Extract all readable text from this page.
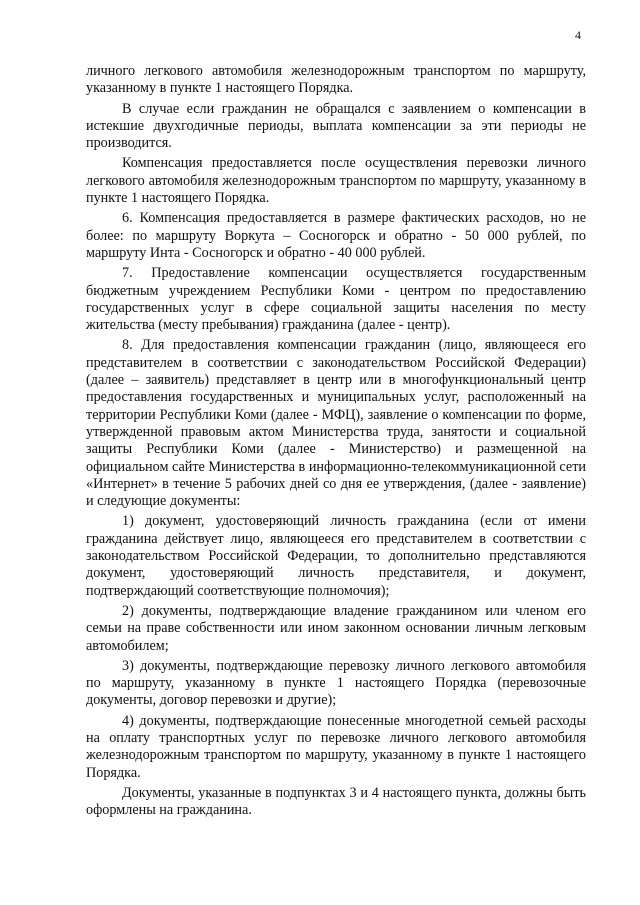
4

личного легкового автомобиля железнодорожным транспортом по маршруту, указанному в пункте 1 настоящего Порядка.

В случае если гражданин не обращался с заявлением о компенсации в истекшие двухгодичные периоды, выплата компенсации за эти периоды не производится.

Компенсация предоставляется после осуществления перевозки личного легкового автомобиля железнодорожным транспортом по маршруту, указанному в пункте 1 настоящего Порядка.

6. Компенсация предоставляется в размере фактических расходов, но не более: по маршруту Воркута – Сосногорск и обратно - 50 000 рублей, по маршруту Инта - Сосногорск и обратно - 40 000 рублей.

7. Предоставление компенсации осуществляется государственным бюджетным учреждением Республики Коми - центром по предоставлению государственных услуг в сфере социальной защиты населения по месту жительства (месту пребывания) гражданина (далее - центр).

8. Для предоставления компенсации гражданин (лицо, являющееся его представителем в соответствии с законодательством Российской Федерации) (далее – заявитель) представляет в центр или в многофункциональный центр предоставления государственных и муниципальных услуг, расположенный на территории Республики Коми (далее - МФЦ), заявление о компенсации по форме, утвержденной правовым актом Министерства труда, занятости и социальной защиты Республики Коми (далее - Министерство) и размещенной на официальном сайте Министерства в информационно-телекоммуникационной сети «Интернет» в течение 5 рабочих дней со дня ее утверждения, (далее - заявление) и следующие документы:

1) документ, удостоверяющий личность гражданина (если от имени гражданина действует лицо, являющееся его представителем в соответствии с законодательством Российской Федерации, то дополнительно представляются документ, удостоверяющий личность представителя, и документ, подтверждающий соответствующие полномочия);

2) документы, подтверждающие владение гражданином или членом его семьи на праве собственности или ином законном основании личным легковым автомобилем;

3) документы, подтверждающие перевозку личного легкового автомобиля по маршруту, указанному в пункте 1 настоящего Порядка (перевозочные документы, договор перевозки и другие);

4) документы, подтверждающие понесенные многодетной семьей расходы на оплату транспортных услуг по перевозке личного легкового автомобиля железнодорожным транспортом по маршруту, указанному в пункте 1 настоящего Порядка.

Документы, указанные в подпунктах 3 и 4 настоящего пункта, должны быть оформлены на гражданина.
